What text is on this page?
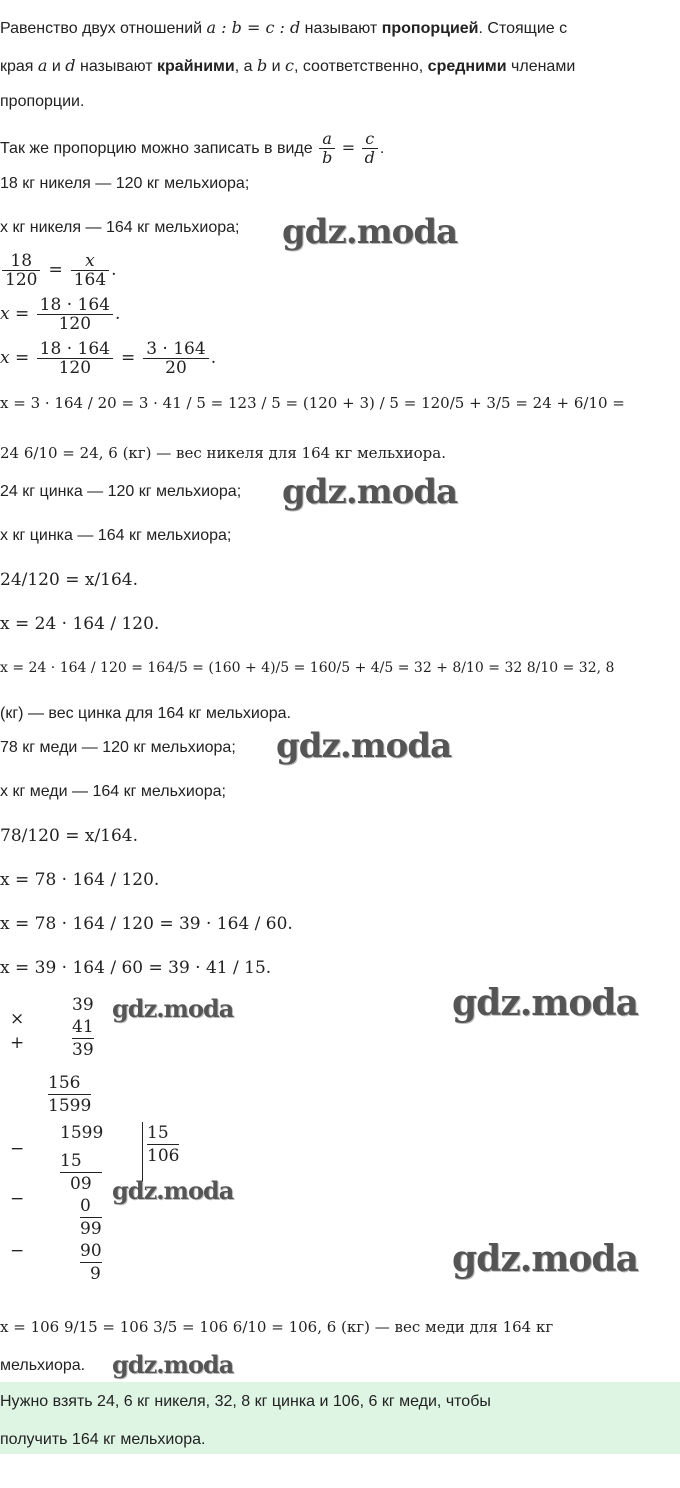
Равенство двух отношений a : b = c : d называют пропорцией. Стоящие с
края a и d называют крайними, а b и c, соответственно, средними членами
пропорции.
Так же пропорцию можно записать в виде $\frac{a}{b} = \frac{c}{d}$ .
18 кг никеля — 120 кг мельхиора;
x кг никеля — 164 кг мельхиора; gdz.moda
$\frac{18}{120} = \frac{x}{164}$ .
$x = \frac{18 \cdot 164}{120}$ .
$x = \frac{18 \cdot 164}{120} = \frac{3 \cdot 164}{20}$ .
x = 3 · 164 / 20 = 3 · 41 / 5 = 123 / 5 = (120 + 3) / 5 = 120/5 + 3/5 = 24 + 6/10 =
24 6/10 = 24, 6 (кг) — вес никеля для 164 кг мельхиора.
24 кг цинка — 120 кг мельхиора; gdz.moda
x кг цинка — 164 кг мельхиора;
24/120 = x/164.
x = 24 · 164 / 120.
x = 24 · 164 / 120 = 164/5 = (160 + 4)/5 = 160/5 + 4/5 = 32 + 8/10 = 32 8/10 = 32, 8
(кг) — вес цинка для 164 кг мельхиора.
78 кг меди — 120 кг мельхиора; gdz.moda
x кг меди — 164 кг мельхиора;
78/120 = x/164.
x = 78 · 164 / 120.
x = 78 · 164 / 120 = 39 · 164 / 60.
x = 39 · 164 / 60 = 39 · 41 / 15.
×
39
41
39
+
156
1599
gdz.moda	gdz.moda
−
−
−
1599	15
106
15
09
0
99
90
9
gdz.moda
gdz.moda
x = 106 9/15 = 106 3/5 = 106 6/10 = 106, 6 (кг) — вес меди для 164 кг
мельхиора. gdz.moda
Нужно взять 24, 6 кг никеля, 32, 8 кг цинка и 106, 6 кг меди, чтобы
получить 164 кг мельхиора.
